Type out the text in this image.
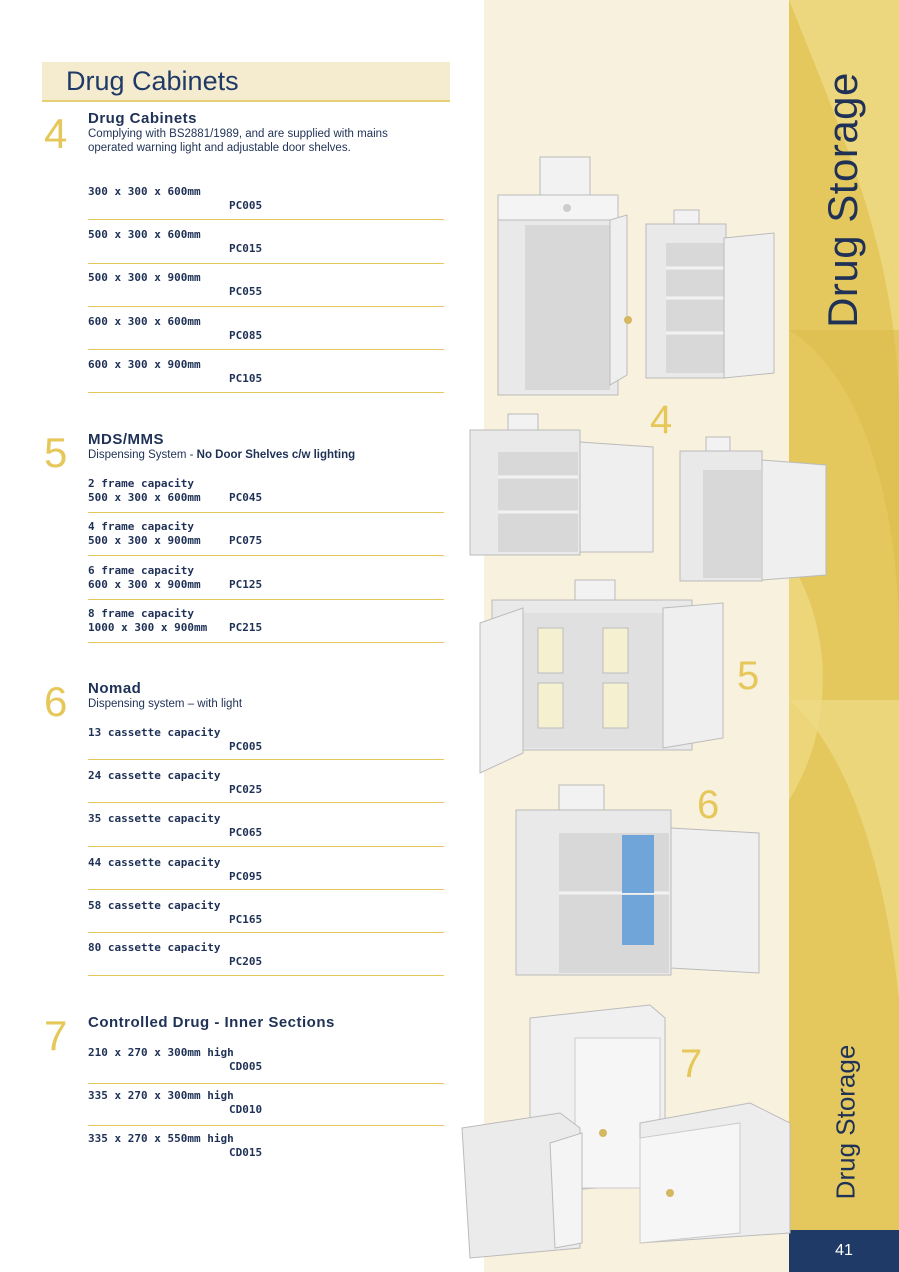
Drug Storage
Drug Storage
41
Drug Cabinets
4 Drug Cabinets
Complying with BS2881/1989, and are supplied with mains operated warning light and adjustable door shelves.
300 x 300 x 600mm
PC005
500 x 300 x 600mm
PC015
500 x 300 x 900mm
PC055
600 x 300 x 600mm
PC085
600 x 300 x 900mm
PC105
5 MDS/MMS
Dispensing System - No Door Shelves c/w lighting
2 frame capacity
500 x 300 x 600mm	PC045
4 frame capacity
500 x 300 x 900mm	PC075
6 frame capacity
600 x 300 x 900mm	PC125
8 frame capacity
1000 x 300 x 900mm PC215
6 Nomad
Dispensing system – with light
13 cassette capacity
PC005
24 cassette capacity
PC025
35 cassette capacity
PC065
44 cassette capacity
PC095
58 cassette capacity
PC165
80 cassette capacity
PC205
7 Controlled Drug - Inner Sections
210 x 270 x 300mm high
CD005
335 x 270 x 300mm high
CD010
335 x 270 x 550mm high
CD015
4
5
6
7
